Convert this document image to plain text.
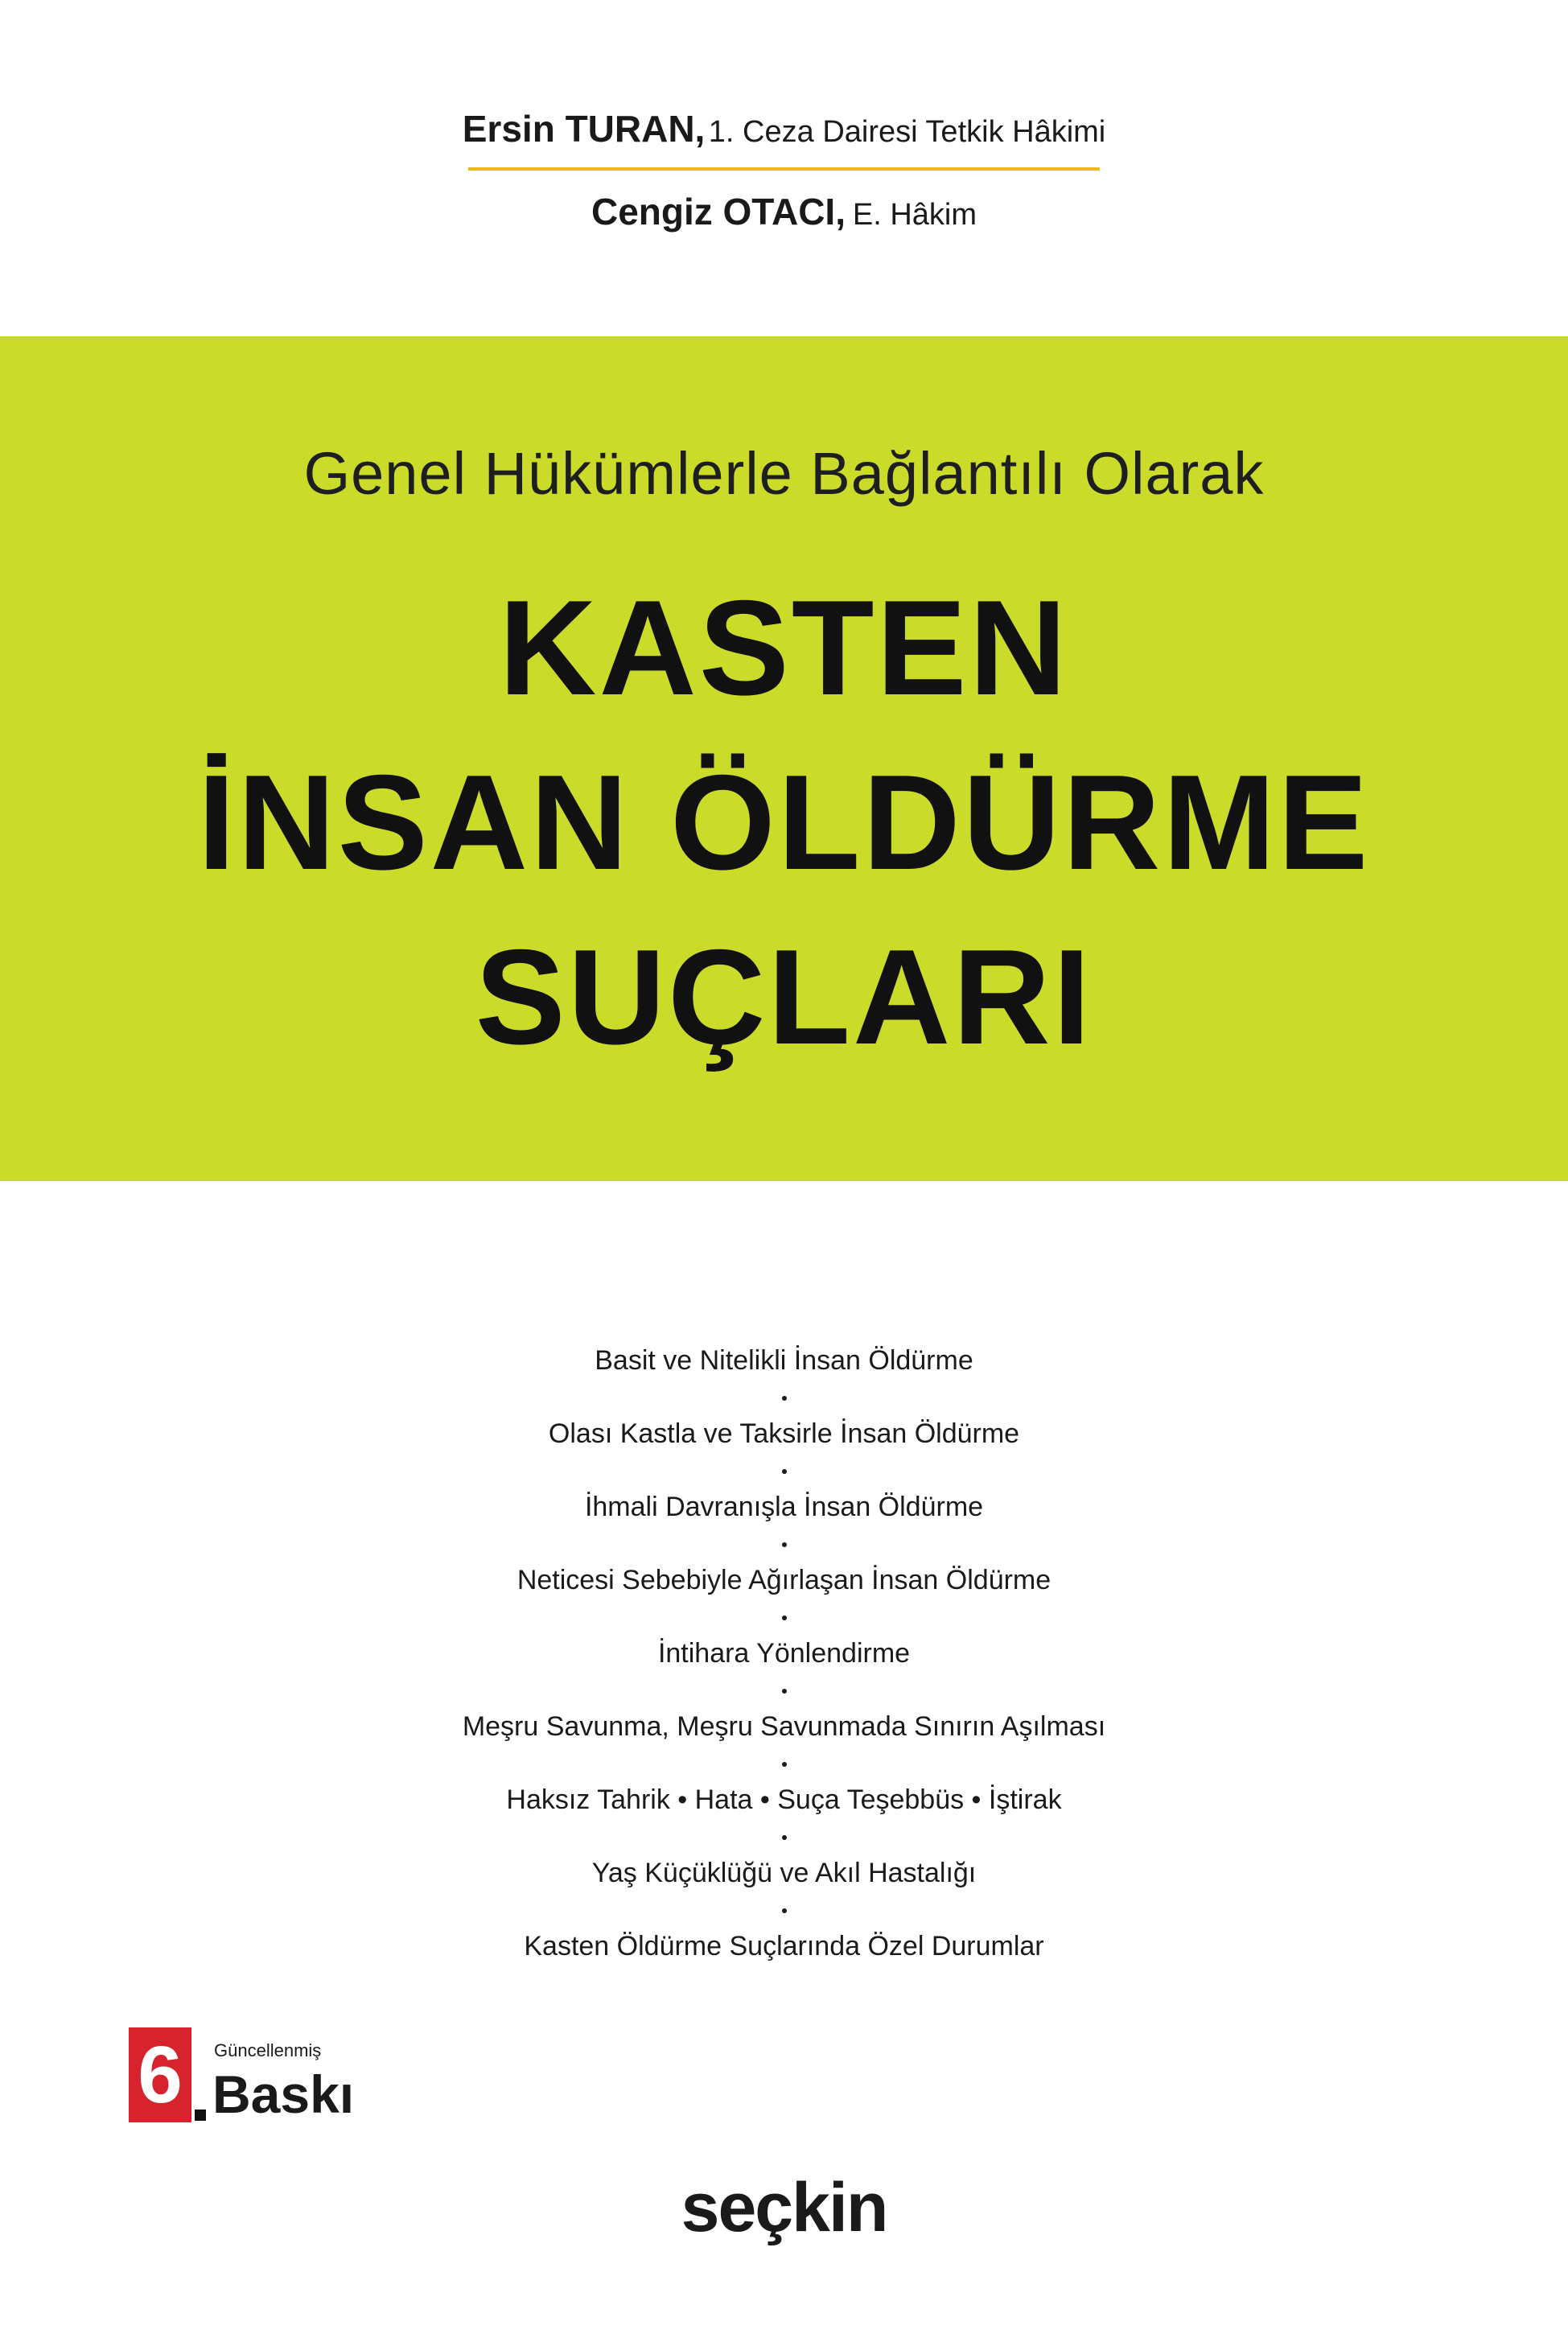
Ersin TURAN, 1. Ceza Dairesi Tetkik Hâkimi
Cengiz OTACI, E. Hâkim
Genel Hükümlerle Bağlantılı Olarak
KASTEN
İNSAN ÖLDÜRME
SUÇLARI
Basit ve Nitelikli İnsan Öldürme
Olası Kastla ve Taksirle İnsan Öldürme
İhmali Davranışla İnsan Öldürme
Neticesi Sebebiyle Ağırlaşan İnsan Öldürme
İntihara Yönlendirme
Meşru Savunma, Meşru Savunmada Sınırın Aşılması
Haksız Tahrik • Hata • Suça Teşebbüs • İştirak
Yaş Küçüklüğü ve Akıl Hastalığı
Kasten Öldürme Suçlarında Özel Durumlar
6	Güncellenmiş
Baskı
seçkin
